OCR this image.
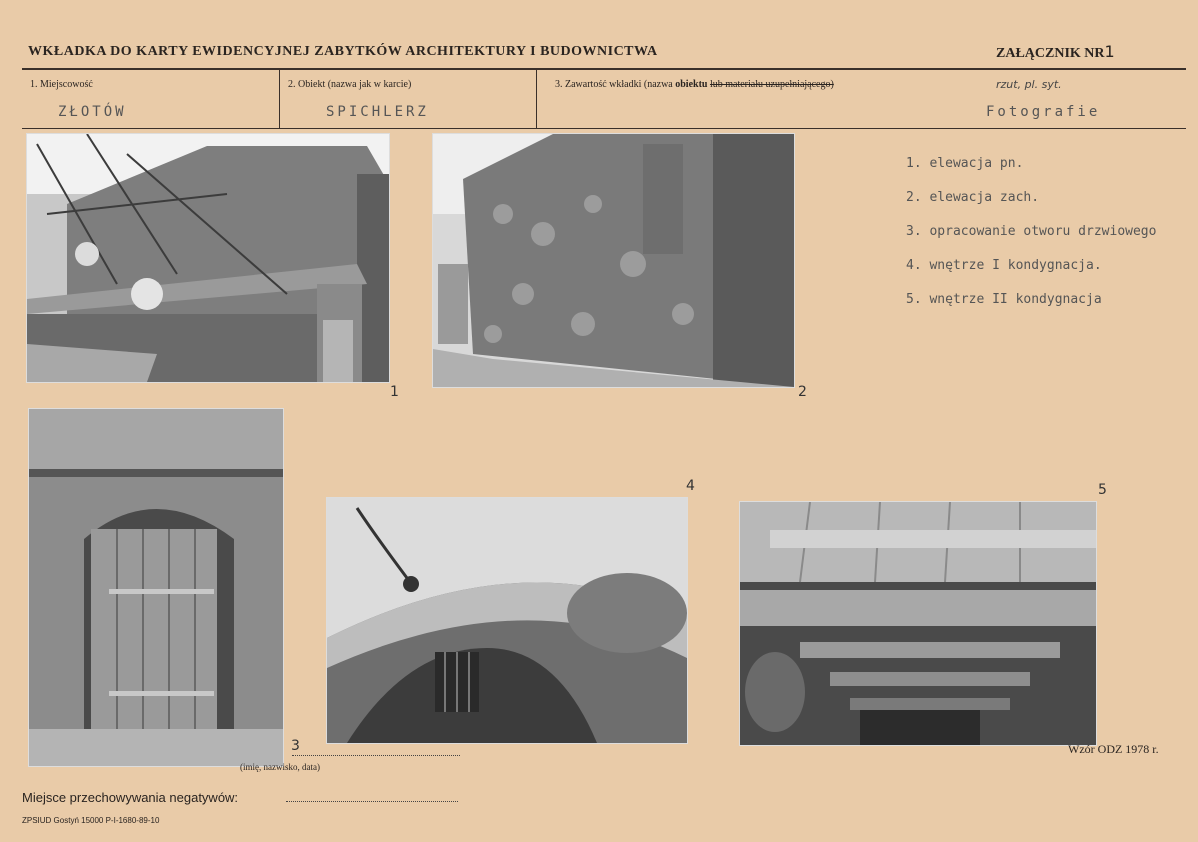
WKŁADKA DO KARTY EWIDENCYJNEJ ZABYTKÓW ARCHITEKTURY I BUDOWNICTWA	ZAŁĄCZNIK NR1
1. Miejscowość
ZŁOTÓW
2. Obiekt (nazwa jak w karcie)
SPICHLERZ
3. Zawartość wkładki (nazwa obiektu lub materiału uzupełniającego)	rzut, pl. syt.
Fotografie
1	2
3
4	5
1. elewacja pn.
2. elewacja zach.
3. opracowanie otworu drzwiowego
4. wnętrze I kondygnacja.
5. wnętrze II kondygnacja
Wzór ODZ 1978 r.
(imię, nazwisko, data)
Miejsce przechowywania negatywów:
ZPSIUD Gostyń 15000 P-I-1680-89-10
